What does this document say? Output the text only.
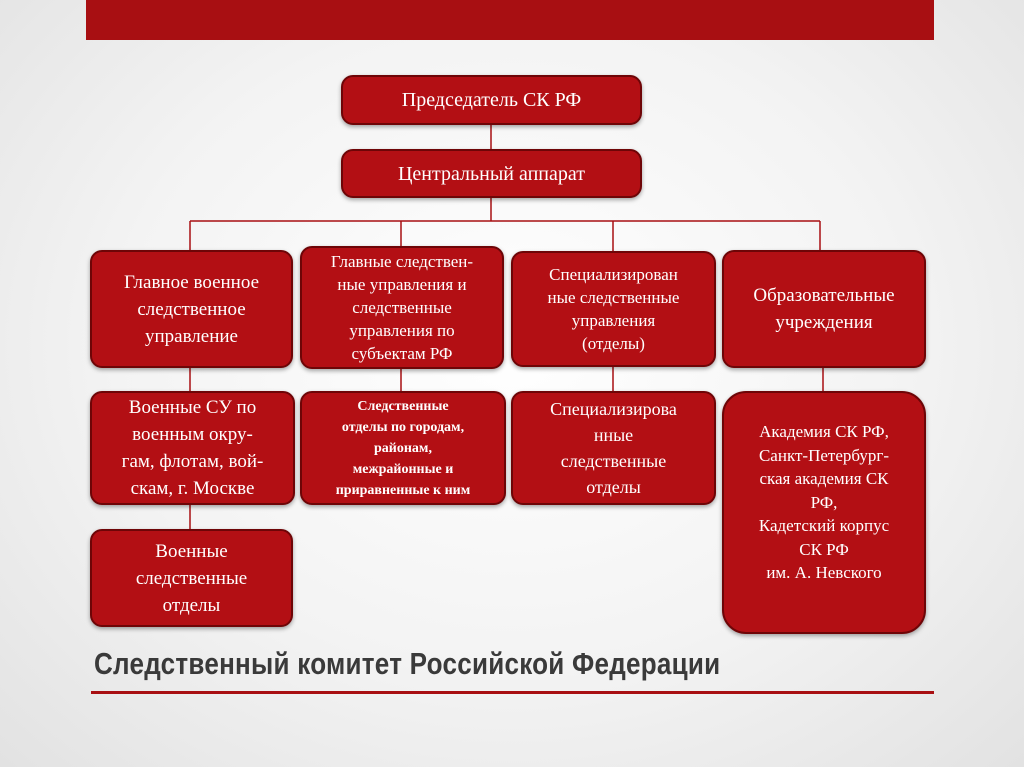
Председатель СК РФ
Центральный аппарат
Главное военное
следственное
управление
Главные следствен-
ные управления и
следственные
управления по
субъектам РФ
Специализирован
ные следственные
управления
(отделы)
Образовательные
учреждения
Военные СУ по
военным окру-
гам, флотам, вой-
скам, г. Москве
Следственные
отделы по городам,
районам,
межрайонные и
приравненные к ним
Специализирова
нные
следственные
отделы
Академия СК РФ,
Санкт-Петербург-
ская академия СК
РФ,
Кадетский корпус
СК РФ
им. А. Невского
Военные
следственные
отделы
Следственный комитет Российской Федерации
